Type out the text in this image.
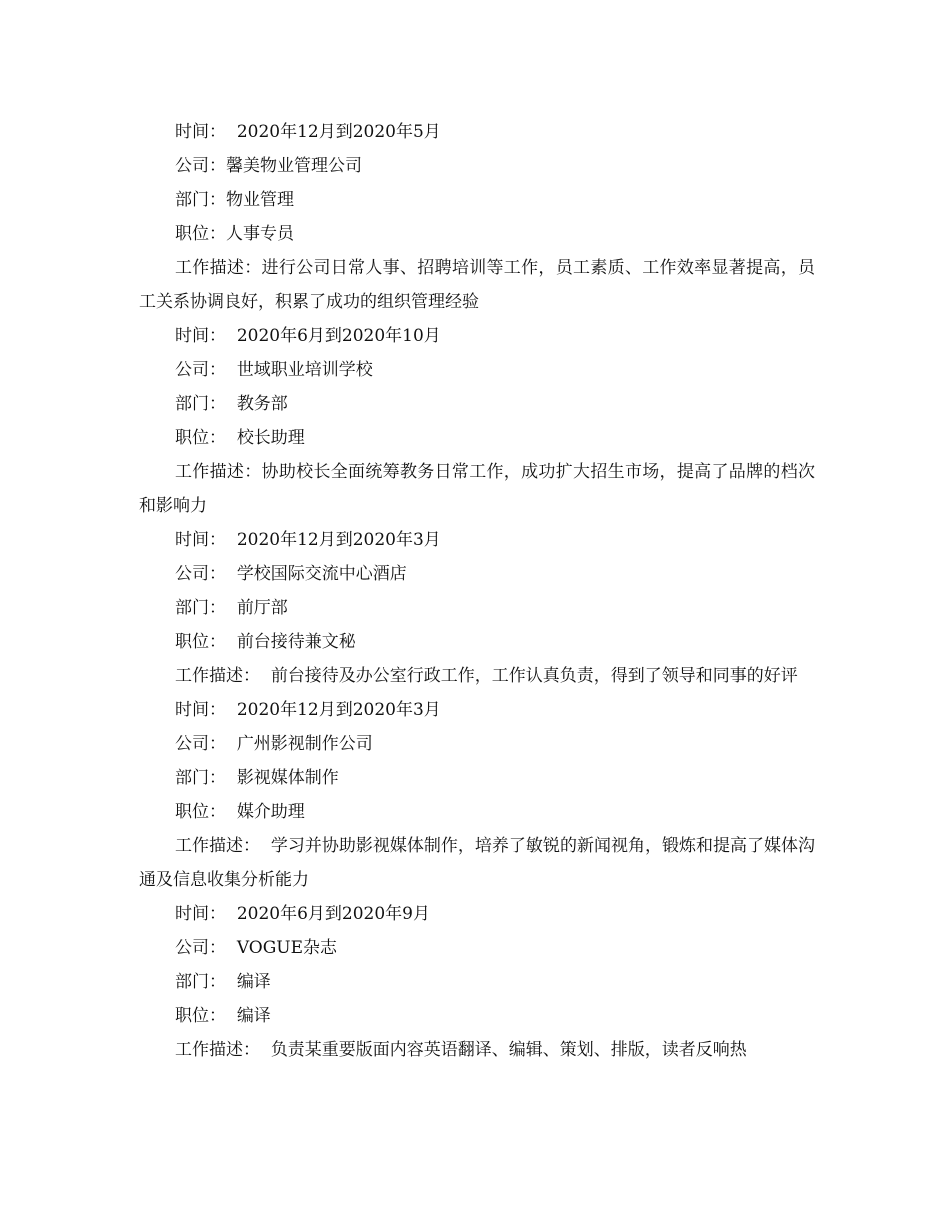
时间： 2020年12月到2020年5月

公司：馨美物业管理公司

部门：物业管理

职位：人事专员

工作描述：进行公司日常人事、招聘培训等工作，员工素质、工作效率显著提高，员工关系协调良好，积累了成功的组织管理经验

时间： 2020年6月到2020年10月

公司： 世域职业培训学校

部门： 教务部

职位： 校长助理

工作描述：协助校长全面统筹教务日常工作，成功扩大招生市场，提高了品牌的档次和影响力

时间： 2020年12月到2020年3月

公司： 学校国际交流中心酒店

部门： 前厅部

职位： 前台接待兼文秘

工作描述： 前台接待及办公室行政工作，工作认真负责，得到了领导和同事的好评

时间： 2020年12月到2020年3月

公司： 广州影视制作公司

部门： 影视媒体制作

职位： 媒介助理

工作描述： 学习并协助影视媒体制作，培养了敏锐的新闻视角，锻炼和提高了媒体沟通及信息收集分析能力

时间： 2020年6月到2020年9月

公司： VOGUE杂志

部门： 编译

职位： 编译

工作描述： 负责某重要版面内容英语翻译、编辑、策划、排版，读者反响热
